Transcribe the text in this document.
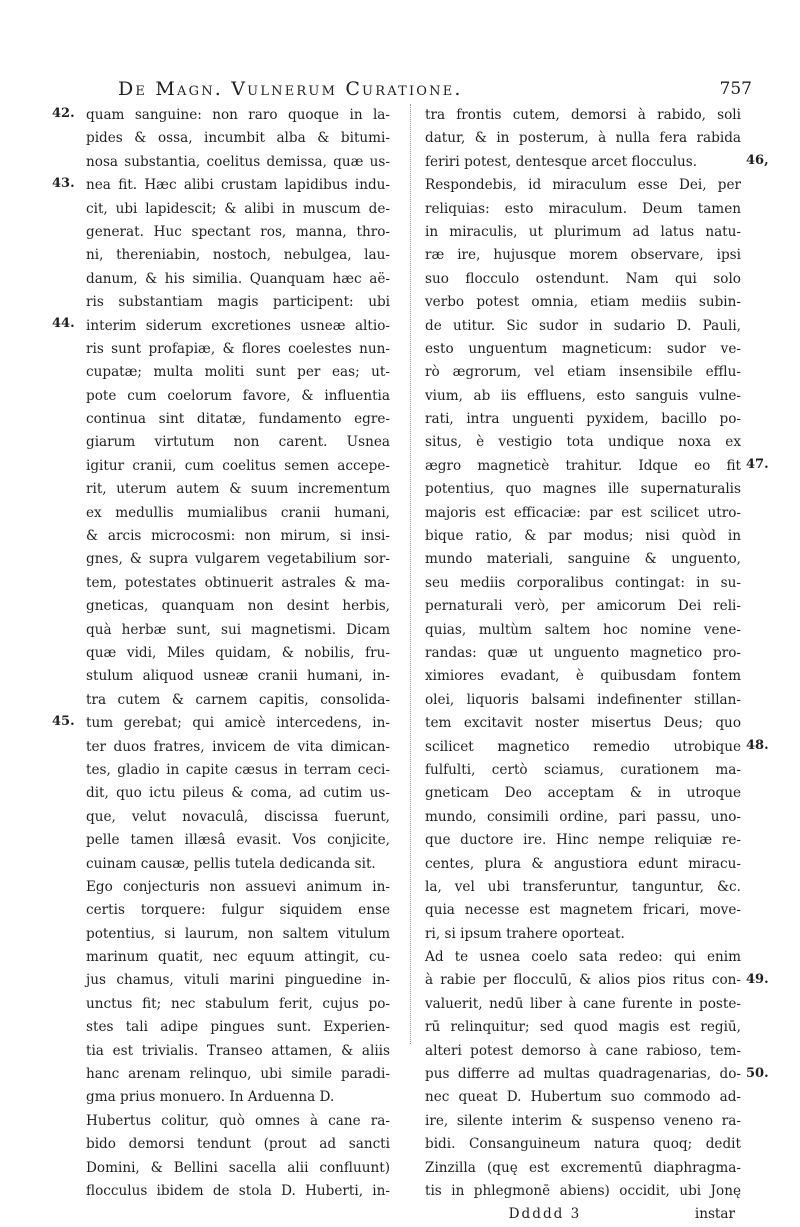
De Magn. Vulnerum Curatione.	757
42.
43.
44.
45.
46,
47.
48.
49.
50.
quam sanguine: non raro quoque in la-
pides & ossa, incumbit alba & bitumi-
nosa substantia, coelitus demissa, quæ us-
nea fit. Hæc alibi crustam lapidibus indu-
cit, ubi lapidescit; & alibi in muscum de-
generat. Huc spectant ros, manna, thro-
ni, thereniabin, nostoch, nebulgea, lau-
danum, & his similia. Quanquam hæc aë-
ris substantiam magis participent: ubi
interim siderum excretiones usneæ altio-
ris sunt profapiæ, & flores coelestes nun-
cupatæ; multa moliti sunt per eas; ut-
pote cum coelorum favore, & influentia
continua sint ditatæ, fundamento egre-
giarum virtutum non carent. Usnea
igitur cranii, cum coelitus semen accepe-
rit, uterum autem & suum incrementum
ex medullis mumialibus cranii humani,
& arcis microcosmi: non mirum, si insi-
gnes, & supra vulgarem vegetabilium sor-
tem, potestates obtinuerit astrales & ma-
gneticas, quanquam non desint herbis,
quà herbæ sunt, sui magnetismi. Dicam
quæ vidi, Miles quidam, & nobilis, fru-
stulum aliquod usneæ cranii humani, in-
tra cutem & carnem capitis, consolida-
tum gerebat; qui amicè intercedens, in-
ter duos fratres, invicem de vita dimican-
tes, gladio in capite cæsus in terram ceci-
dit, quo ictu pileus & coma, ad cutim us-
que, velut novaculâ, discissa fuerunt,
pelle tamen illæsâ evasit. Vos conjicite,
cuinam causæ, pellis tutela dedicanda sit.
Ego conjecturis non assuevi animum in-
certis torquere: fulgur siquidem ense
potentius, si laurum, non saltem vitulum
marinum quatit, nec equum attingit, cu-
jus chamus, vituli marini pinguedine in-
unctus fit; nec stabulum ferit, cujus po-
stes tali adipe pingues sunt. Experien-
tia est trivialis. Transeo attamen, & aliis
hanc arenam relinquo, ubi simile paradi-
gma prius monuero. In Arduenna D.
Hubertus colitur, quò omnes à cane ra-
bido demorsi tendunt (prout ad sancti
Domini, & Bellini sacella alii confluunt)
flocculus ibidem de stola D. Huberti, in-
tra frontis cutem, demorsi à rabido, soli
datur, & in posterum, à nulla fera rabida
feriri potest, dentesque arcet flocculus.
Respondebis, id miraculum esse Dei, per
reliquias: esto miraculum. Deum tamen
in miraculis, ut plurimum ad latus natu-
ræ ire, hujusque morem observare, ipsi
suo flocculo ostendunt. Nam qui solo
verbo potest omnia, etiam mediis subin-
de utitur. Sic sudor in sudario D. Pauli,
esto unguentum magneticum: sudor ve-
rò ægrorum, vel etiam insensibile efflu-
vium, ab iis effluens, esto sanguis vulne-
rati, intra unguenti pyxidem, bacillo po-
situs, è vestigio tota undique noxa ex
ægro magneticè trahitur. Idque eo fit
potentius, quo magnes ille supernaturalis
majoris est efficaciæ: par est scilicet utro-
bique ratio, & par modus; nisi quòd in
mundo materiali, sanguine & unguento,
seu mediis corporalibus contingat: in su-
pernaturali verò, per amicorum Dei reli-
quias, multùm saltem hoc nomine vene-
randas: quæ ut unguento magnetico pro-
ximiores evadant, è quibusdam fontem
olei, liquoris balsami indefinenter stillan-
tem excitavit noster misertus Deus; quo
scilicet magnetico remedio utrobique
fulfulti, certò sciamus, curationem ma-
gneticam Deo acceptam & in utroque
mundo, consimili ordine, pari passu, uno-
que ductore ire. Hinc nempe reliquiæ re-
centes, plura & angustiora edunt miracu-
la, vel ubi transferuntur, tanguntur, &c.
quia necesse est magnetem fricari, move-
ri, si ipsum trahere oporteat.
Ad te usnea coelo sata redeo: qui enim
à rabie per flocculū, & alios pios ritus con-
valuerit, nedū liber à cane furente in poste-
rū relinquitur; sed quod magis est regiū,
alteri potest demorso à cane rabioso, tem-
pus differre ad multas quadragenarias, do-
nec queat D. Hubertum suo commodo ad-
ire, silente interim & suspenso veneno ra-
bidi. Consanguineum natura quoq; dedit
Zinzilla (quę est excrementū diaphragma-
tis in phlegmonē abiens) occidit, ubi Jonę
Ddddd 3	instar
